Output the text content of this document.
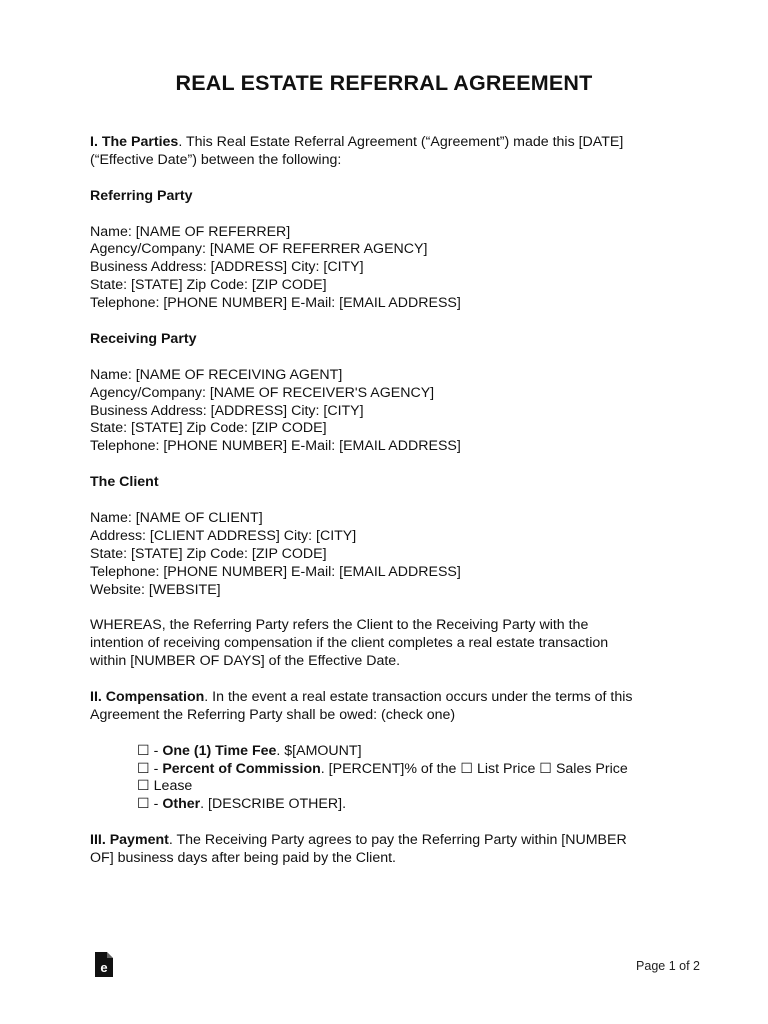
REAL ESTATE REFERRAL AGREEMENT

I. The Parties. This Real Estate Referral Agreement (“Agreement”) made this [DATE]
(“Effective Date”) between the following:

Referring Party

Name: [NAME OF REFERRER]
Agency/Company: [NAME OF REFERRER AGENCY]
Business Address: [ADDRESS] City: [CITY]
State: [STATE] Zip Code: [ZIP CODE]
Telephone: [PHONE NUMBER] E-Mail: [EMAIL ADDRESS]

Receiving Party

Name: [NAME OF RECEIVING AGENT]
Agency/Company: [NAME OF RECEIVER'S AGENCY]
Business Address: [ADDRESS] City: [CITY]
State: [STATE] Zip Code: [ZIP CODE]
Telephone: [PHONE NUMBER] E-Mail: [EMAIL ADDRESS]

The Client

Name: [NAME OF CLIENT]
Address: [CLIENT ADDRESS] City: [CITY]
State: [STATE] Zip Code: [ZIP CODE]
Telephone: [PHONE NUMBER] E-Mail: [EMAIL ADDRESS]
Website: [WEBSITE]

WHEREAS, the Referring Party refers the Client to the Receiving Party with the
intention of receiving compensation if the client completes a real estate transaction
within [NUMBER OF DAYS] of the Effective Date.

II. Compensation. In the event a real estate transaction occurs under the terms of this
Agreement the Referring Party shall be owed: (check one)

☐ - One (1) Time Fee. $[AMOUNT]

☐ - Percent of Commission. [PERCENT]% of the ☐ List Price ☐ Sales Price

☐ Lease

☐ - Other. [DESCRIBE OTHER].

III. Payment. The Receiving Party agrees to pay the Referring Party within [NUMBER
OF] business days after being paid by the Client.

e	Page 1 of 2
